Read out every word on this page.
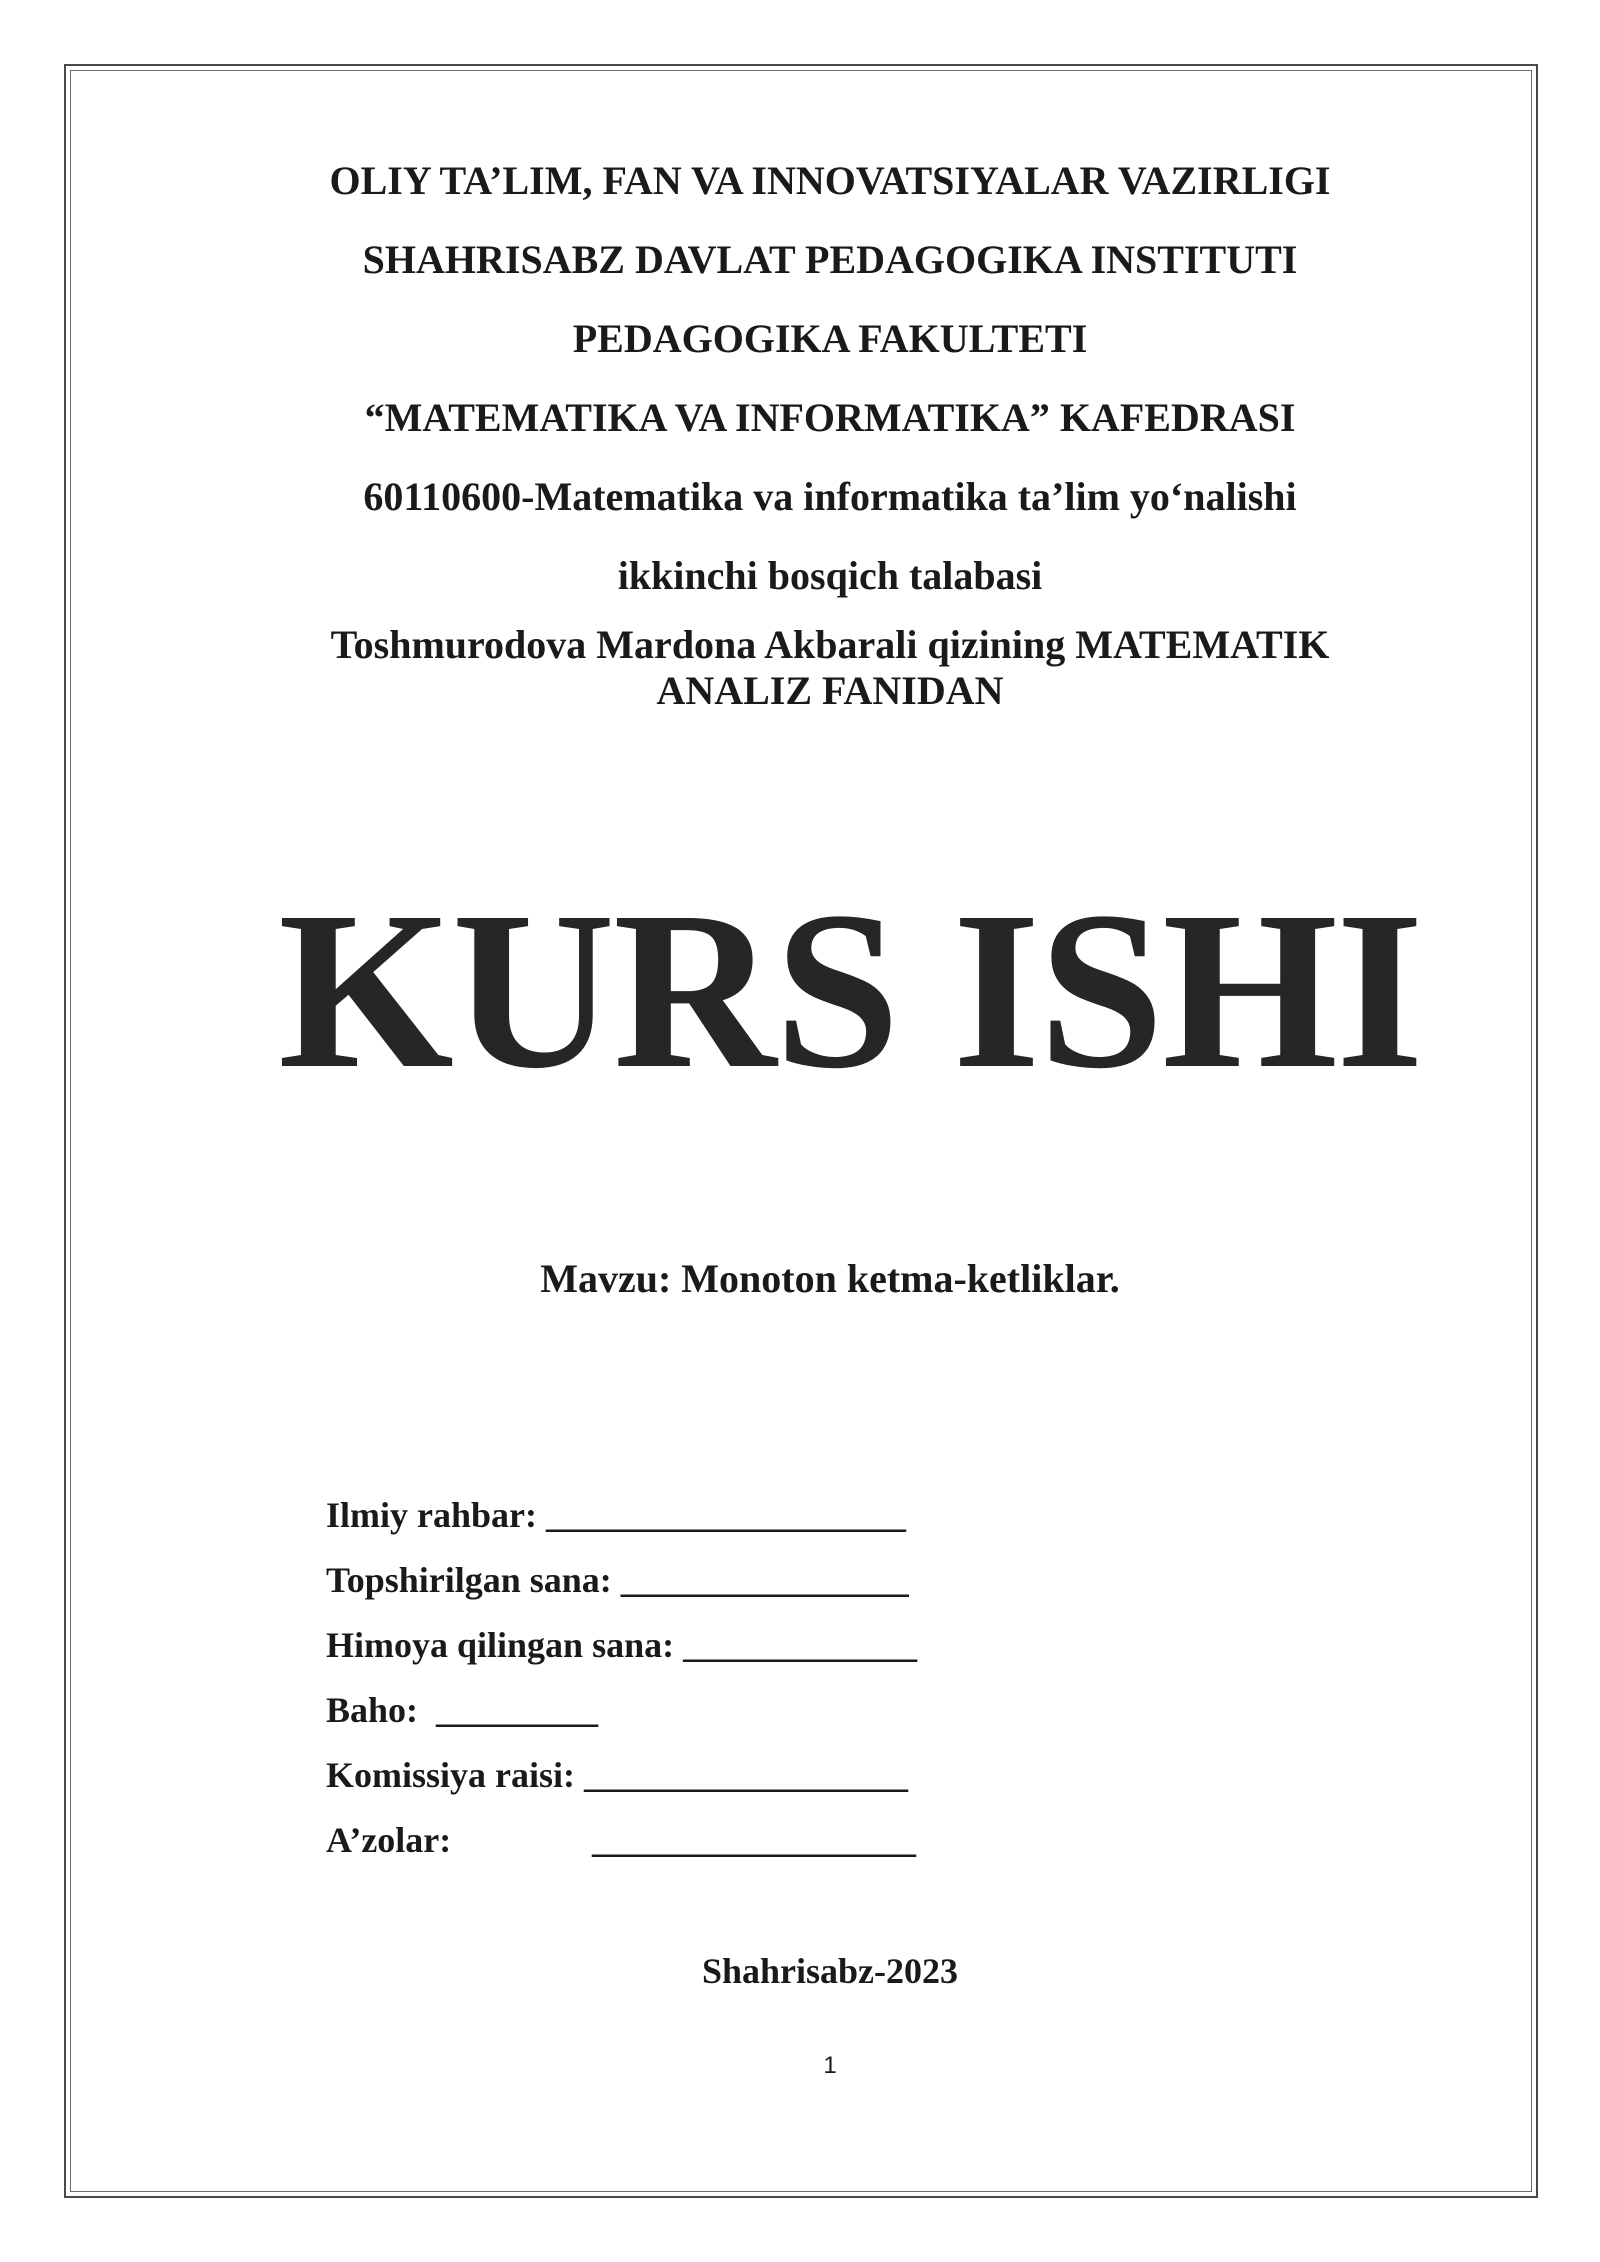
OLIY TA’LIM, FAN VA INNOVATSIYALAR VAZIRLIGI
SHAHRISABZ DAVLAT PEDAGOGIKA INSTITUTI
PEDAGOGIKA FAKULTETI
“MATEMATIKA VA INFORMATIKA” KAFEDRASI
60110600-Matematika va informatika ta’lim yo‘nalishi
ikkinchi bosqich talabasi
Toshmurodova Mardona Akbarali qizining MATEMATIK
ANALIZ FANIDAN
KURS ISHI
Mavzu: Monoton ketma-ketliklar.
Ilmiy rahbar: ____________________
Topshirilgan sana: ________________
Himoya qilingan sana: _____________
Baho: _________
Komissiya raisi: __________________
A’zolar:	__________________
Shahrisabz-2023
1
